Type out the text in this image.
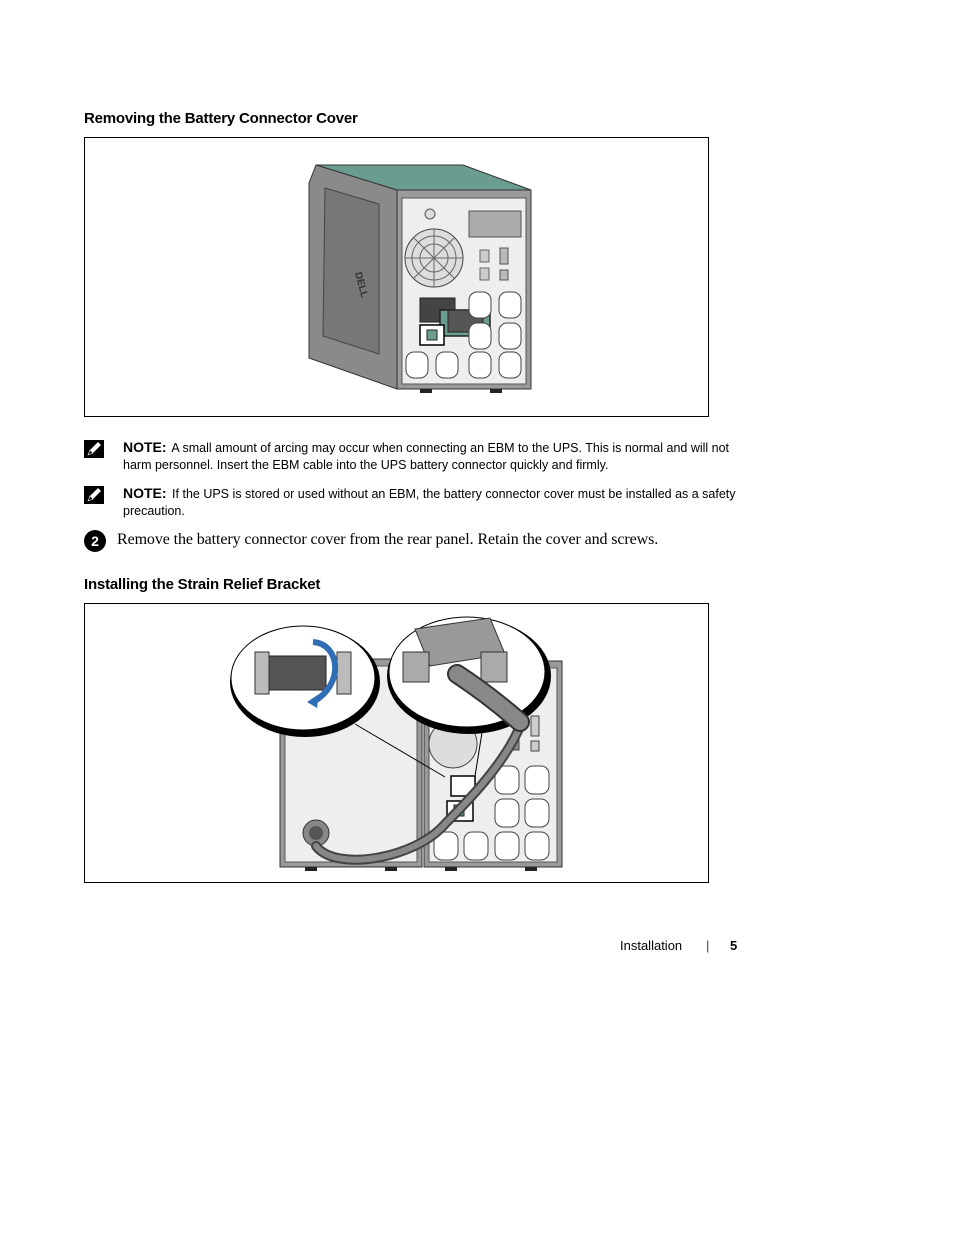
Removing the Battery Connector Cover
DELL
NOTE: A small amount of arcing may occur when connecting an EBM to the UPS. This is normal and will not harm personnel. Insert the EBM cable into the UPS battery connector quickly and firmly.
NOTE: If the UPS is stored or used without an EBM, the battery connector cover must be installed as a safety precaution.
2	Remove the battery connector cover from the rear panel. Retain the cover and screws.
Installing the Strain Relief Bracket
Installation | 5
